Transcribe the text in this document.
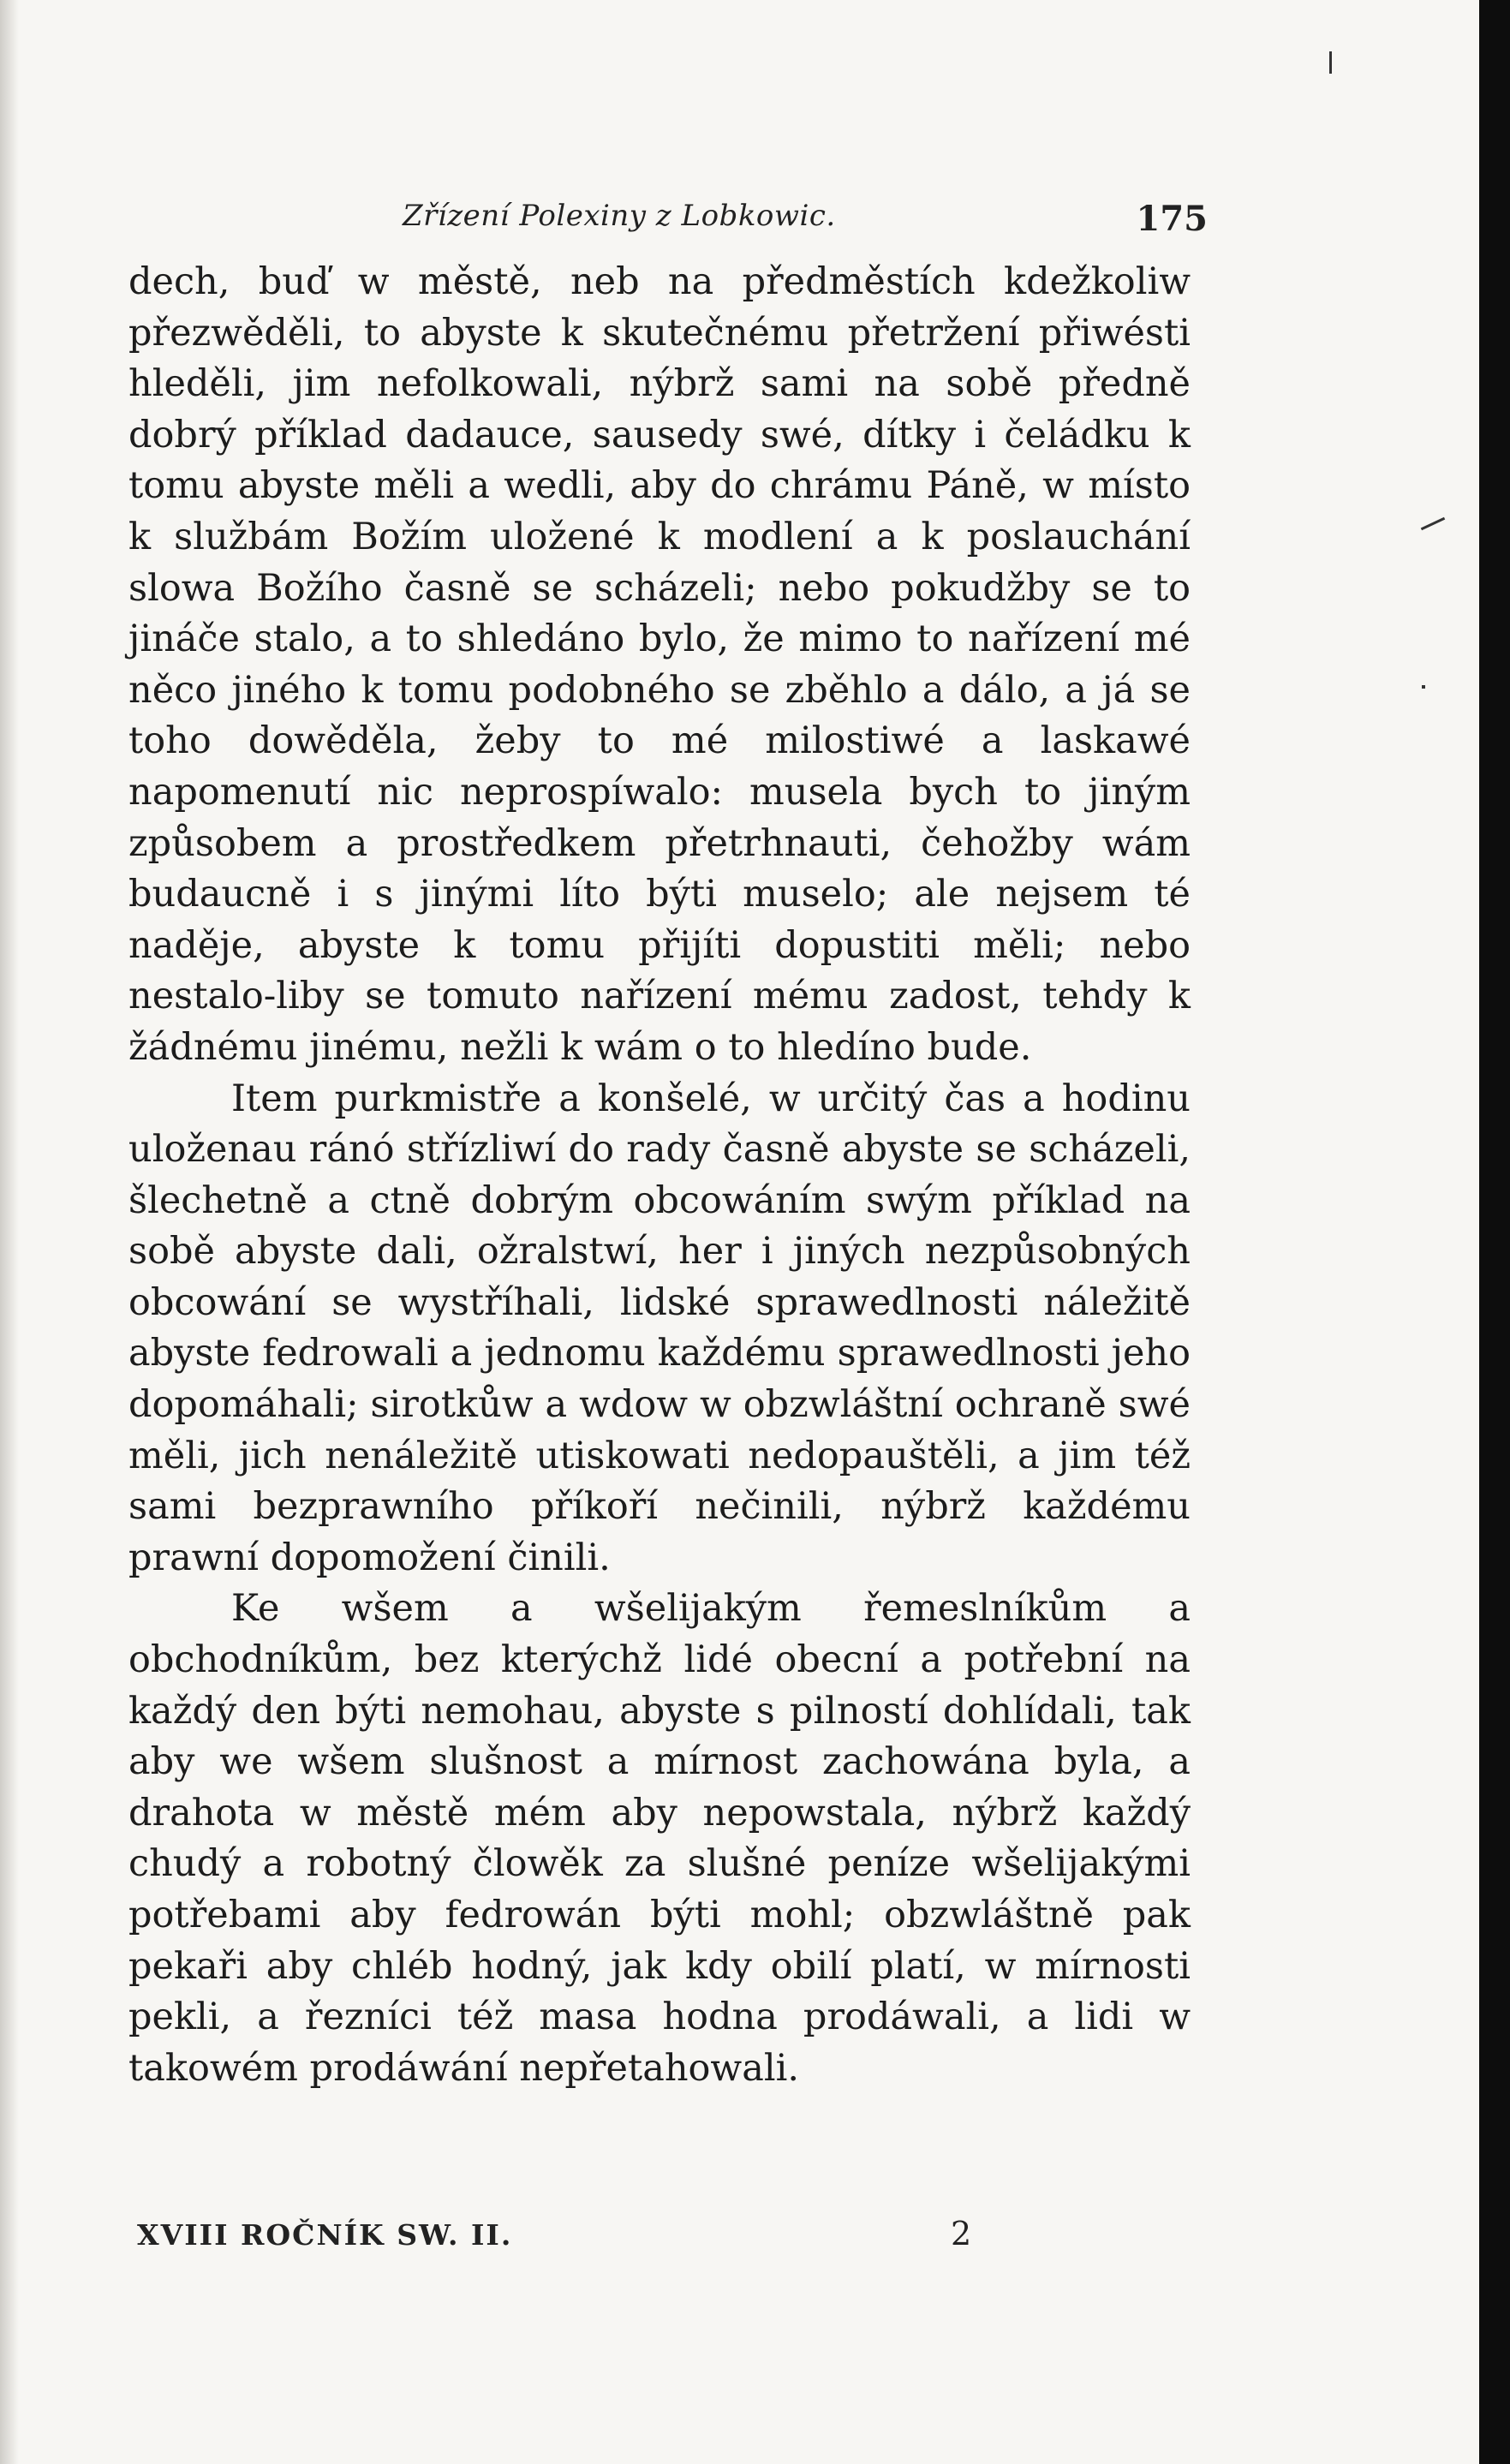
Zřízení Polexiny z Lobkowic.	175

dech, buď w městě, neb na předměstích kdežkoliw přezwěděli, to abyste k skutečnému přetržení přiwésti hleděli, jim nefolkowali, nýbrž sami na sobě předně dobrý příklad dadauce, sausedy swé, dítky i čeládku k tomu abyste měli a wedli, aby do chrámu Páně, w místo k službám Božím uložené k modlení a k poslauchání slowa Božího časně se scházeli; nebo pokudžby se to jináče stalo, a to shledáno bylo, že mimo to nařízení mé něco jiného k tomu podobného se zběhlo a dálo, a já se toho dowěděla, žeby to mé milostiwé a laskawé napomenutí nic neprospíwalo: musela bych to jiným způsobem a prostředkem přetrhnauti, čehožby wám budaucně i s jinými líto býti muselo; ale nejsem té naděje, abyste k tomu přijíti dopustiti měli; nebo nestalo-liby se tomuto nařízení mému zadost, tehdy k žádnému jinému, nežli k wám o to hledíno bude.

Item purkmistře a konšelé, w určitý čas a hodinu uloženau ránó střízliwí do rady časně abyste se scházeli, šlechetně a ctně dobrým obcowáním swým příklad na sobě abyste dali, ožralstwí, her i jiných nezpůsobných obcowání se wystříhali, lidské sprawedlnosti náležitě abyste fedrowali a jednomu každému sprawedlnosti jeho dopomáhali; sirotkůw a wdow w obzwláštní ochraně swé měli, jich nenáležitě utiskowati nedopauštěli, a jim též sami bezprawního příkoří nečinili, nýbrž každému prawní dopomožení činili.

Ke wšem a wšelijakým řemeslníkům a obchodníkům, bez kterýchž lidé obecní a potřební na každý den býti nemohau, abyste s pilností dohlídali, tak aby we wšem slušnost a mírnost zachowána byla, a drahota w městě mém aby nepowstala, nýbrž každý chudý a robotný člowěk za slušné peníze wšelijakými potřebami aby fedrowán býti mohl; obzwláštně pak pekaři aby chléb hodný, jak kdy obilí platí, w mírnosti pekli, a řezníci též masa hodna prodáwali, a lidi w takowém prodáwání nepřetahowali.

XVIII ROČNÍK SW. II.	2
